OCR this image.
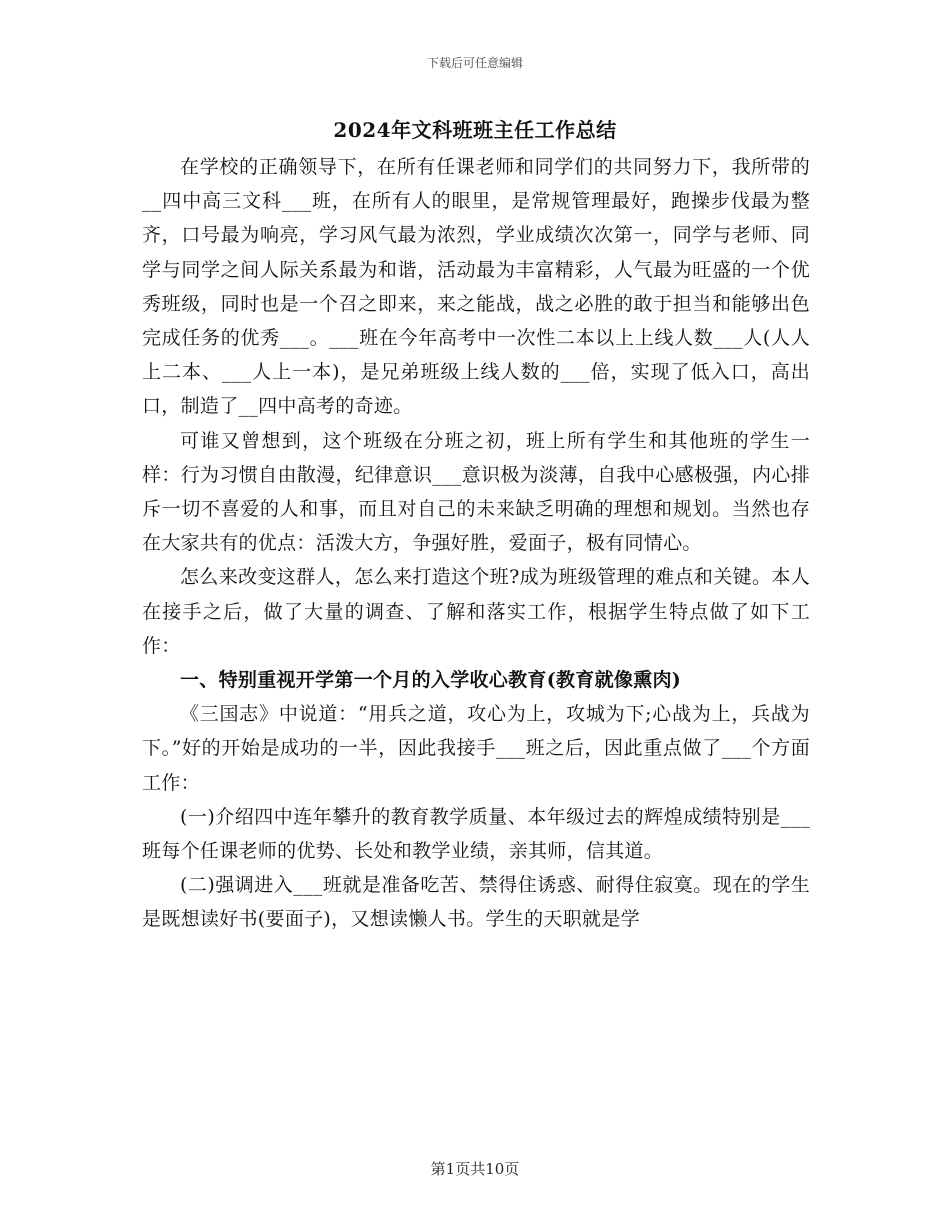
下载后可任意编辑
2024年文科班班主任工作总结

在学校的正确领导下，在所有任课老师和同学们的共同努力下，我所带的__四中高三文科___班，在所有人的眼里，是常规管理最好，跑操步伐最为整齐，口号最为响亮，学习风气最为浓烈，学业成绩次次第一，同学与老师、同学与同学之间人际关系最为和谐，活动最为丰富精彩，人气最为旺盛的一个优秀班级，同时也是一个召之即来，来之能战，战之必胜的敢于担当和能够出色完成任务的优秀___。___班在今年高考中一次性二本以上上线人数___人(人人上二本、___人上一本)，是兄弟班级上线人数的___倍，实现了低入口，高出口，制造了__四中高考的奇迹。

可谁又曾想到，这个班级在分班之初，班上所有学生和其他班的学生一样：行为习惯自由散漫，纪律意识___意识极为淡薄，自我中心感极强，内心排斥一切不喜爱的人和事，而且对自己的未来缺乏明确的理想和规划。当然也存在大家共有的优点：活泼大方，争强好胜，爱面子，极有同情心。

怎么来改变这群人，怎么来打造这个班?成为班级管理的难点和关键。本人在接手之后，做了大量的调查、了解和落实工作，根据学生特点做了如下工作：

一、特别重视开学第一个月的入学收心教育(教育就像熏肉)

《三国志》中说道：“用兵之道，攻心为上，攻城为下;心战为上，兵战为下。”好的开始是成功的一半，因此我接手___班之后，因此重点做了___个方面工作：

(一)介绍四中连年攀升的教育教学质量、本年级过去的辉煌成绩特别是___班每个任课老师的优势、长处和教学业绩，亲其师，信其道。

(二)强调进入___班就是准备吃苦、禁得住诱惑、耐得住寂寞。现在的学生是既想读好书(要面子)，又想读懒人书。学生的天职就是学

第1页共10页
